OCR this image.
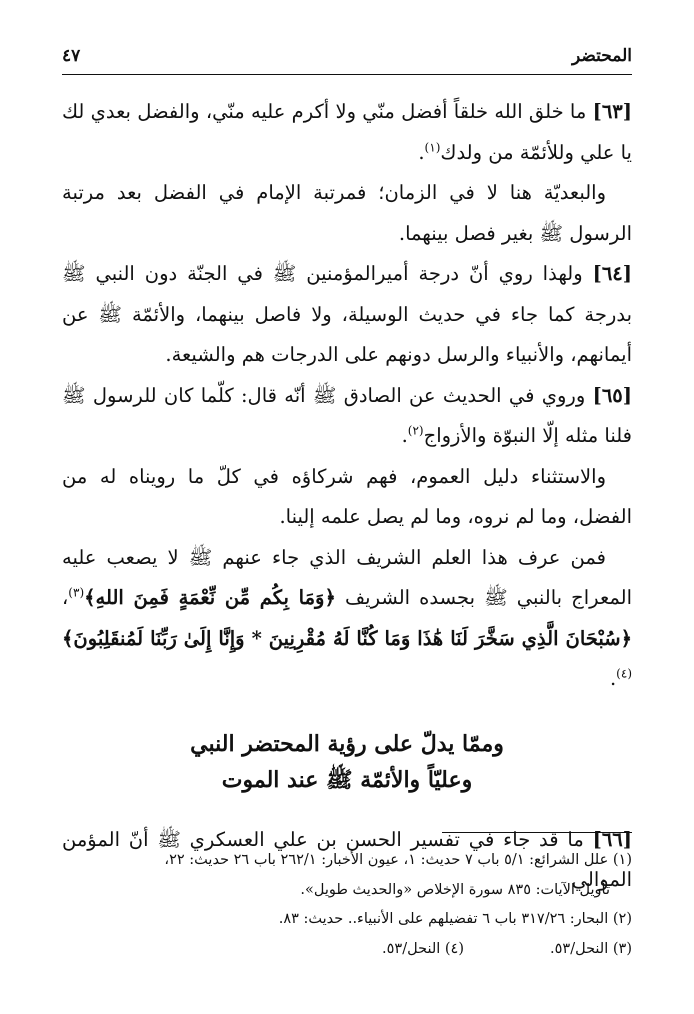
المحتضر
٤٧

[٦٣] ما خلق الله خلقاً أفضل منّي ولا أكرم عليه منّي، والفضل بعدي لك يا علي وللأئمّة من ولدك$^{(١)}$.

والبعديّة هنا لا في الزمان؛ فمرتبة الإمام في الفضل بعد مرتبة الرسول ﷺ بغير فصل بينهما.

[٦٤] ولهذا روي أنّ درجة أميرالمؤمنين ﷺ في الجنّة دون النبي ﷺ بدرجة كما جاء في حديث الوسيلة، ولا فاصل بينهما، والأئمّة ﷺ عن أيمانهم، والأنبياء والرسل دونهم على الدرجات هم والشيعة.

[٦٥] وروي في الحديث عن الصادق ﷺ أنّه قال: كلّما كان للرسول ﷺ فلنا مثله إلّا النبوّة والأزواج$^{(٢)}$.

والاستثناء دليل العموم، فهم شركاؤه في كلّ ما رويناه له من الفضل، وما لم نروه، وما لم يصل علمه إلينا.

فمن عرف هذا العلم الشريف الذي جاء عنهم ﷺ لا يصعب عليه المعراج بالنبي ﷺ بجسده الشريف ﴿وَمَا بِكُم مِّن نِّعْمَةٍ فَمِنَ اللهِ﴾$^{(٣)}$، ﴿سُبْحَانَ الَّذِي سَخَّرَ لَنَا هَٰذَا وَمَا كُنَّا لَهُ مُقْرِنِينَ * وَإِنَّا إِلَىٰ رَبِّنَا لَمُنقَلِبُونَ﴾$^{(٤)}$.

وممّا يدلّ على رؤية المحتضر النبي
وعليّاً والأئمّة ﷺ عند الموت

[٦٦] ما قد جاء في تفسير الحسن بن علي العسكري ﷺ أنّ المؤمن الموالي

(١) علل الشرائع: ٥/١ باب ٧ حديث: ١، عيون الأخبار: ٢٦٢/١ باب ٢٦ حديث: ٢٢،

تأويل الآيات: ٨٣٥ سورة الإخلاص «والحديث طويل».

(٢) البحار: ٣١٧/٢٦ باب ٦ تفضيلهم على الأنبياء.. حديث: ٨٣.

(٣) النحل/٥٣.
(٤) النحل/٥٣.
